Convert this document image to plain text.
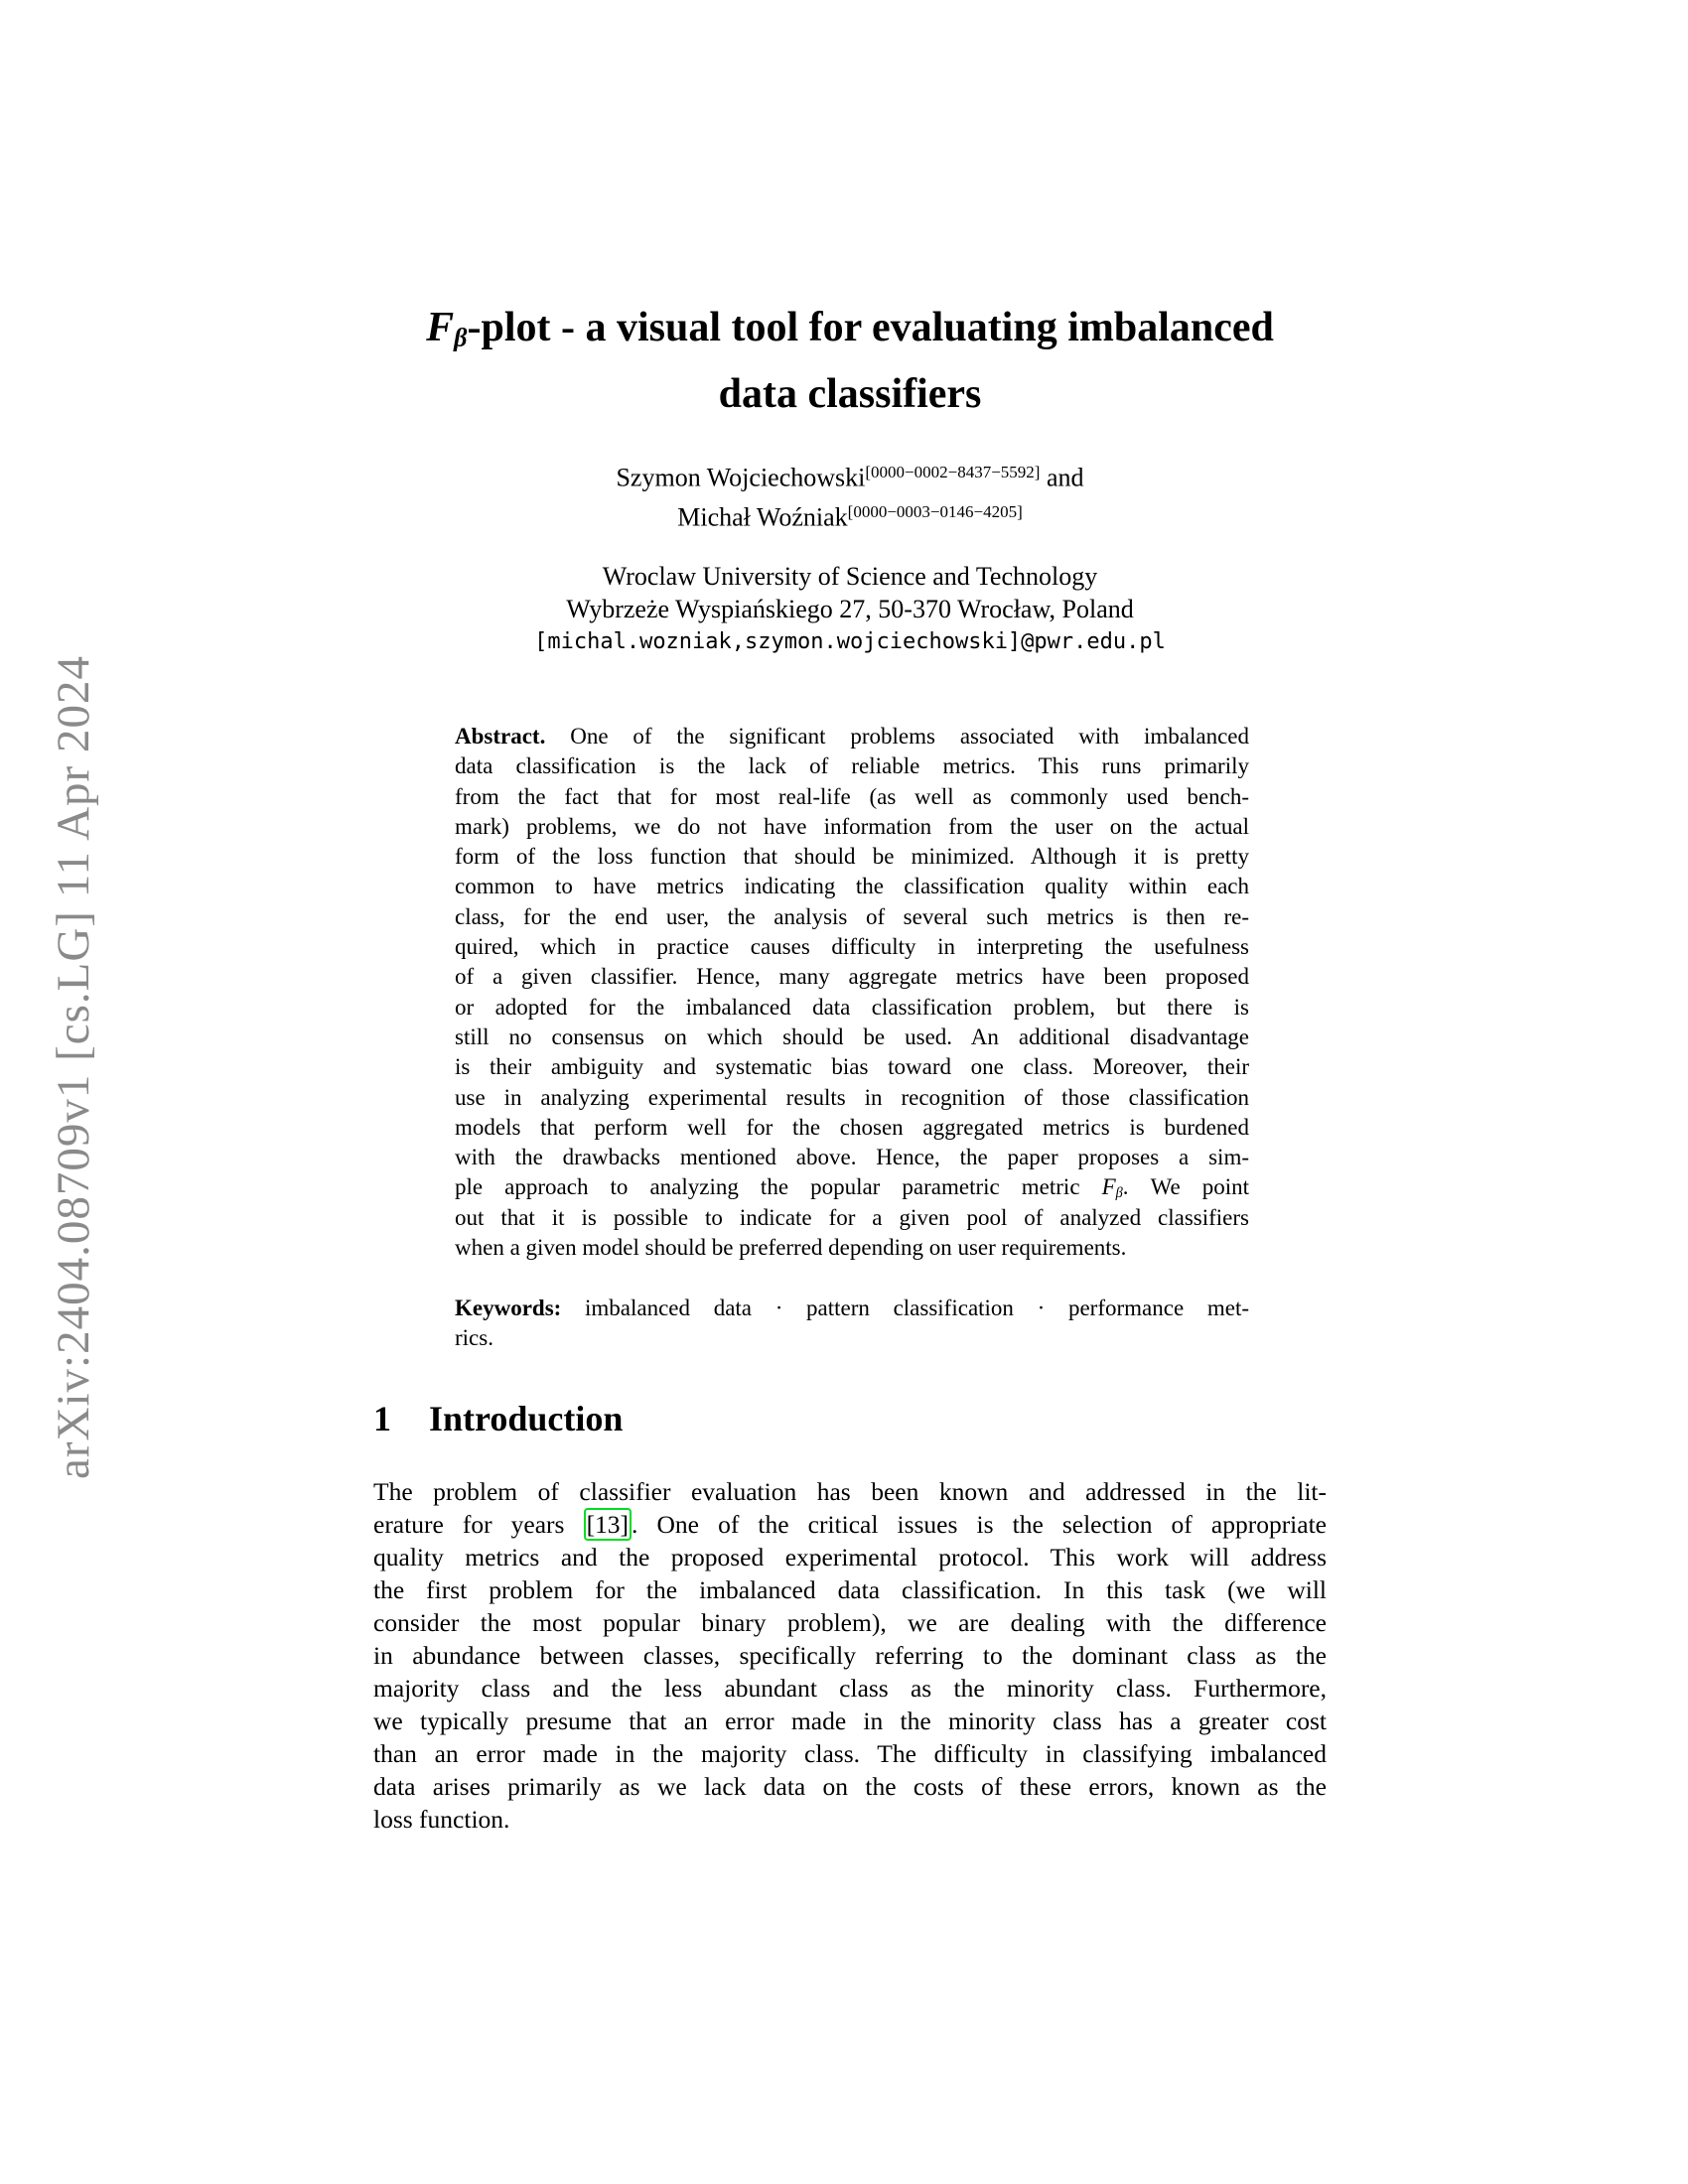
arXiv:2404.08709v1 [cs.LG] 11 Apr 2024
Fβ-plot - a visual tool for evaluating imbalanced
data classifiers
Szymon Wojciechowski[0000−0002−8437−5592] and
Michał Woźniak[0000−0003−0146−4205]
Wroclaw University of Science and Technology
Wybrzeże Wyspiańskiego 27, 50-370 Wrocław, Poland
[michal.wozniak,szymon.wojciechowski]@pwr.edu.pl
Abstract. One of the significant problems associated with imbalanced
data classification is the lack of reliable metrics. This runs primarily
from the fact that for most real-life (as well as commonly used bench-
mark) problems, we do not have information from the user on the actual
form of the loss function that should be minimized. Although it is pretty
common to have metrics indicating the classification quality within each
class, for the end user, the analysis of several such metrics is then re-
quired, which in practice causes difficulty in interpreting the usefulness
of a given classifier. Hence, many aggregate metrics have been proposed
or adopted for the imbalanced data classification problem, but there is
still no consensus on which should be used. An additional disadvantage
is their ambiguity and systematic bias toward one class. Moreover, their
use in analyzing experimental results in recognition of those classification
models that perform well for the chosen aggregated metrics is burdened
with the drawbacks mentioned above. Hence, the paper proposes a sim-
ple approach to analyzing the popular parametric metric Fβ. We point
out that it is possible to indicate for a given pool of analyzed classifiers
when a given model should be preferred depending on user requirements.
Keywords: imbalanced data · pattern classification · performance met-
rics.
1 Introduction
The problem of classifier evaluation has been known and addressed in the lit-
erature for years [13] . One of the critical issues is the selection of appropriate
quality metrics and the proposed experimental protocol. This work will address
the first problem for the imbalanced data classification. In this task (we will
consider the most popular binary problem), we are dealing with the difference
in abundance between classes, specifically referring to the dominant class as the
majority class and the less abundant class as the minority class. Furthermore,
we typically presume that an error made in the minority class has a greater cost
than an error made in the majority class. The difficulty in classifying imbalanced
data arises primarily as we lack data on the costs of these errors, known as the
loss function.
